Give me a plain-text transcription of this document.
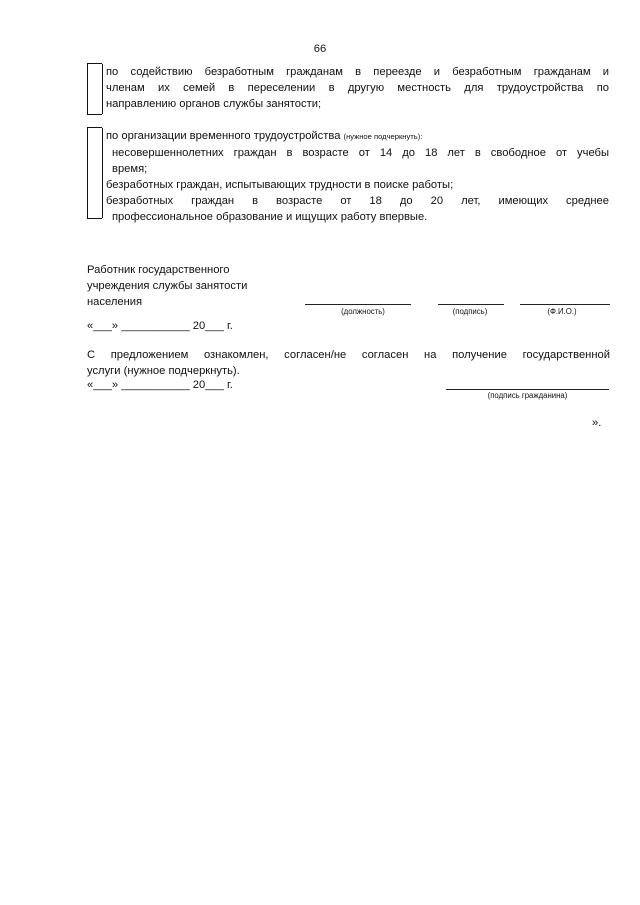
66
по содействию безработным гражданам в переезде и безработным гражданам и
членам их семей в переселении в другую местность для трудоустройства по
направлению органов службы занятости;
по организации временного трудоустройства (нужное подчеркнуть):
несовершеннолетних граждан в возрасте от 14 до 18 лет в свободное от учебы
время;
безработных граждан, испытывающих трудности в поиске работы;
безработных граждан в возрасте от 18 до 20 лет, имеющих среднее
профессиональное образование и ищущих работу впервые.
Работник государственного
учреждения службы занятости
населения
(должность)	(подпись)	(Ф.И.О.)
«___» ___________ 20___ г.
С предложением ознакомлен, согласен/не согласен на получение государственной
услуги (нужное подчеркнуть).
«___» ___________ 20___ г.
(подпись гражданина)
».
